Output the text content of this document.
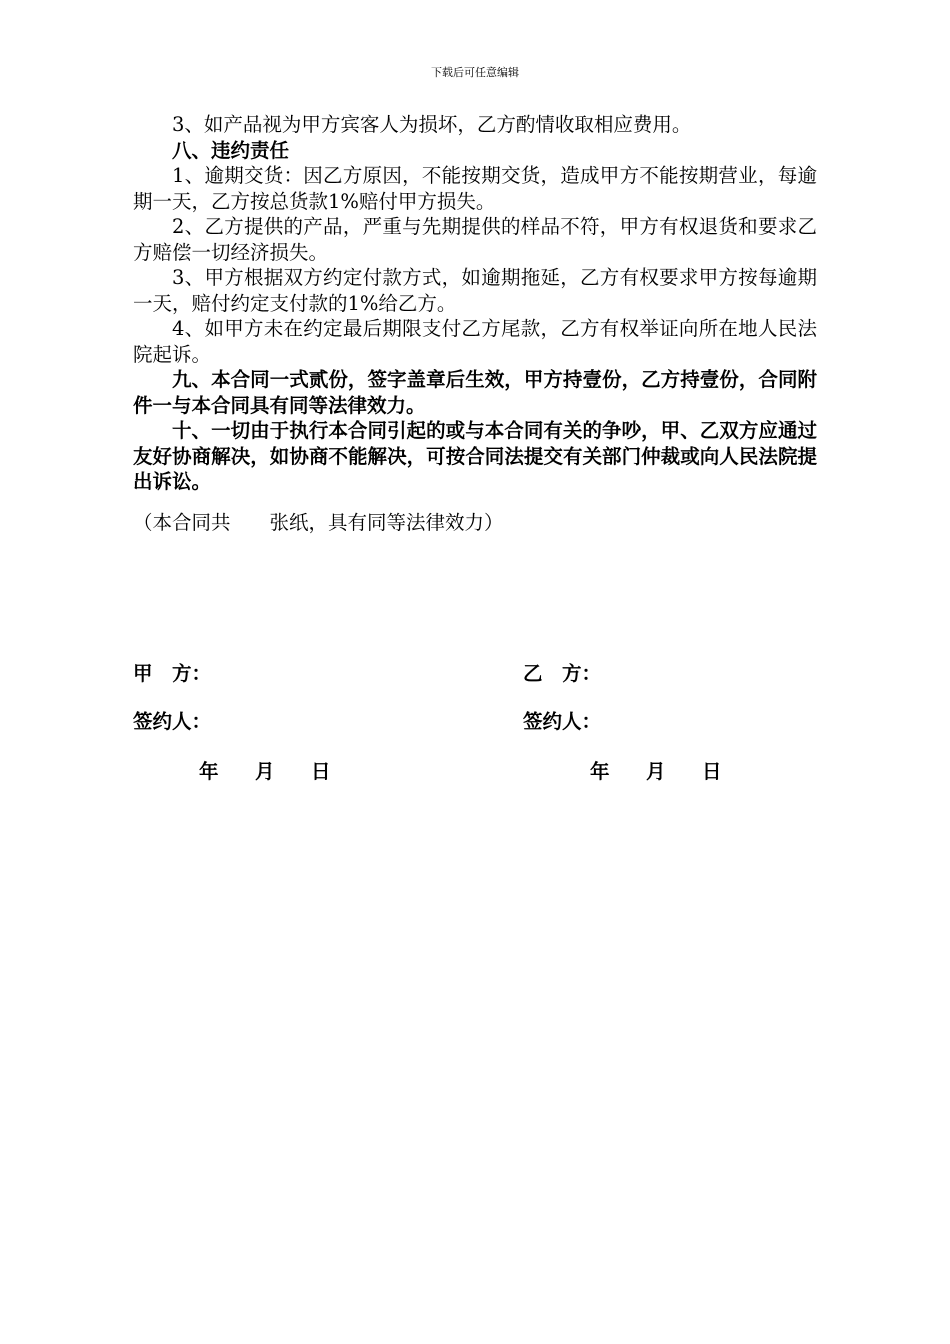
下载后可任意编辑

3、如产品视为甲方宾客人为损坏，乙方酌情收取相应费用。

八、违约责任

1、逾期交货：因乙方原因，不能按期交货，造成甲方不能按期营业，每逾期一天，乙方按总货款1%赔付甲方损失。

2、乙方提供的产品，严重与先期提供的样品不符，甲方有权退货和要求乙方赔偿一切经济损失。

3、甲方根据双方约定付款方式，如逾期拖延，乙方有权要求甲方按每逾期一天，赔付约定支付款的1%给乙方。

4、如甲方未在约定最后期限支付乙方尾款，乙方有权举证向所在地人民法院起诉。

九、本合同一式贰份，签字盖章后生效，甲方持壹份，乙方持壹份，合同附件一与本合同具有同等法律效力。

十、一切由于执行本合同引起的或与本合同有关的争吵，甲、乙双方应通过友好协商解决，如协商不能解决，可按合同法提交有关部门仲裁或向人民法院提出诉讼。

（本合同共　　张纸，具有同等法律效力）
甲　方：	乙　方：
签约人：	签约人：
年 月 日	年 月 日
